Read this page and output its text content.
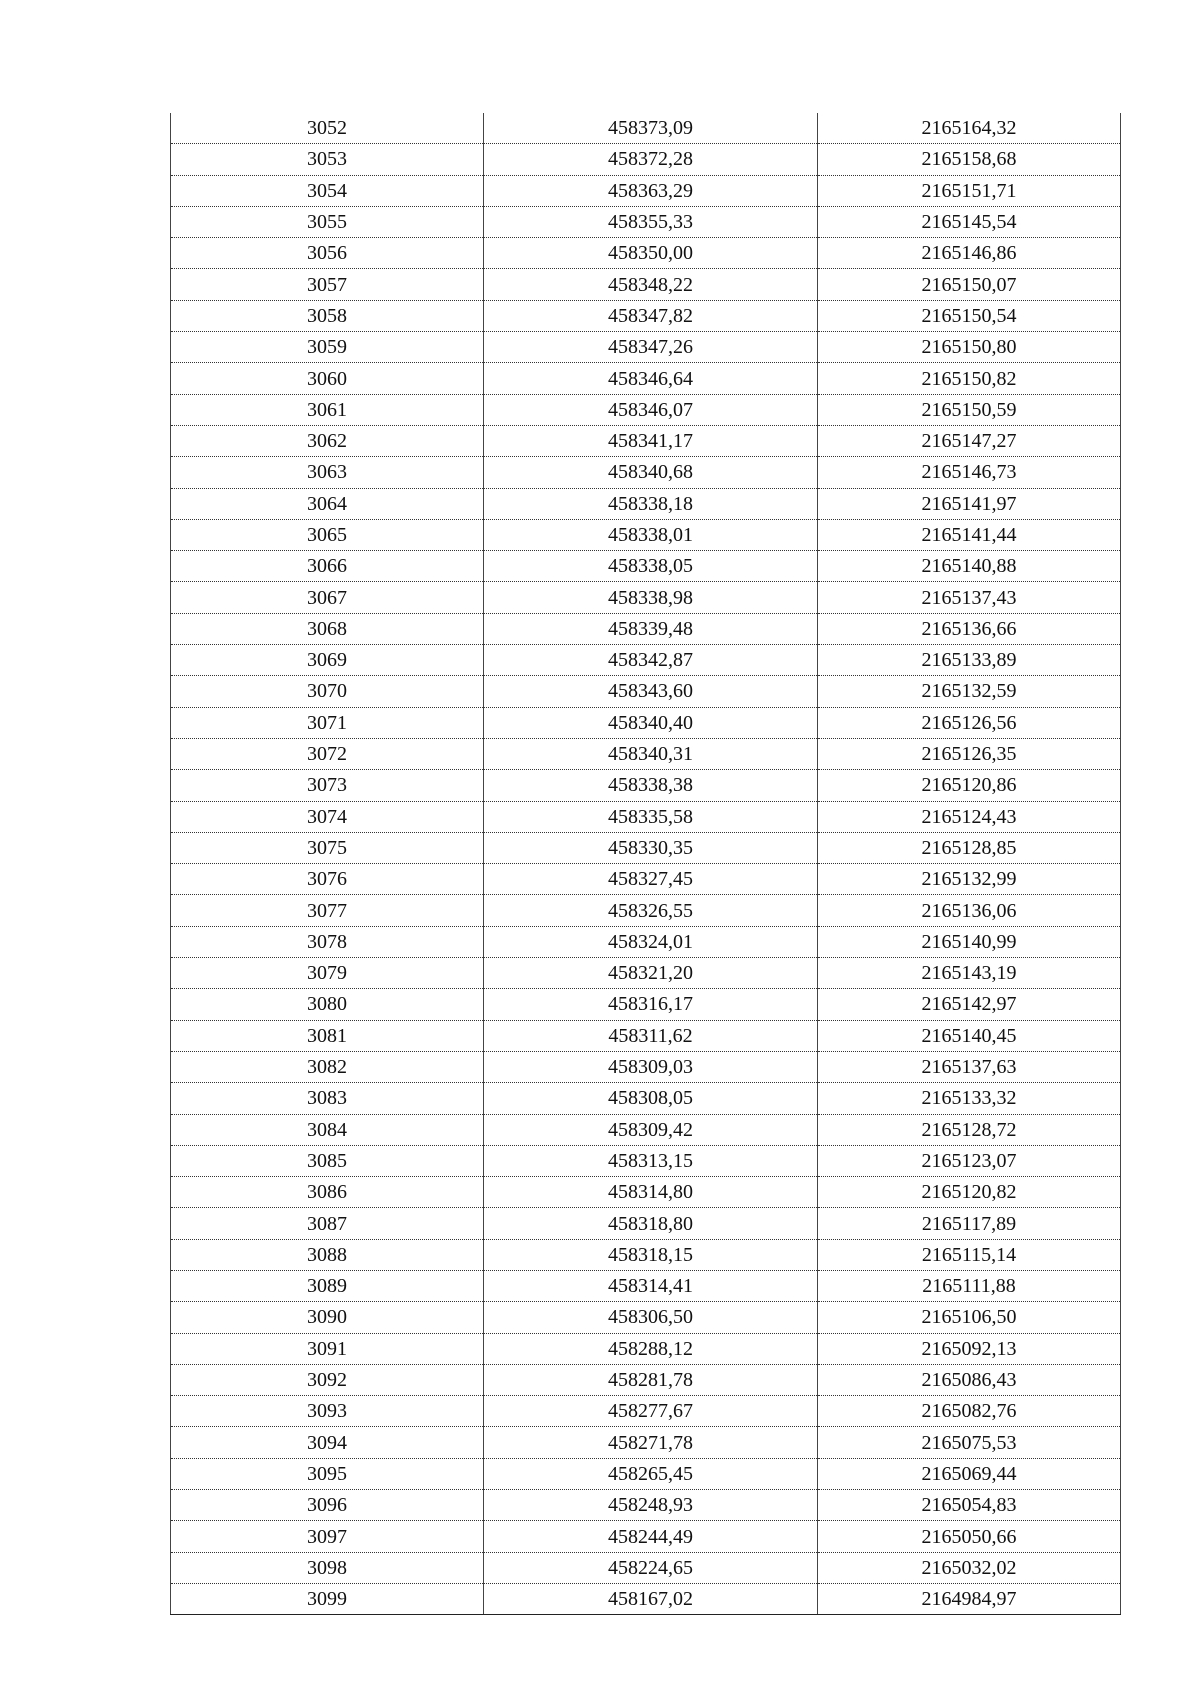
3052	458373,09	2165164,32
3053	458372,28	2165158,68
3054	458363,29	2165151,71
3055	458355,33	2165145,54
3056	458350,00	2165146,86
3057	458348,22	2165150,07
3058	458347,82	2165150,54
3059	458347,26	2165150,80
3060	458346,64	2165150,82
3061	458346,07	2165150,59
3062	458341,17	2165147,27
3063	458340,68	2165146,73
3064	458338,18	2165141,97
3065	458338,01	2165141,44
3066	458338,05	2165140,88
3067	458338,98	2165137,43
3068	458339,48	2165136,66
3069	458342,87	2165133,89
3070	458343,60	2165132,59
3071	458340,40	2165126,56
3072	458340,31	2165126,35
3073	458338,38	2165120,86
3074	458335,58	2165124,43
3075	458330,35	2165128,85
3076	458327,45	2165132,99
3077	458326,55	2165136,06
3078	458324,01	2165140,99
3079	458321,20	2165143,19
3080	458316,17	2165142,97
3081	458311,62	2165140,45
3082	458309,03	2165137,63
3083	458308,05	2165133,32
3084	458309,42	2165128,72
3085	458313,15	2165123,07
3086	458314,80	2165120,82
3087	458318,80	2165117,89
3088	458318,15	2165115,14
3089	458314,41	2165111,88
3090	458306,50	2165106,50
3091	458288,12	2165092,13
3092	458281,78	2165086,43
3093	458277,67	2165082,76
3094	458271,78	2165075,53
3095	458265,45	2165069,44
3096	458248,93	2165054,83
3097	458244,49	2165050,66
3098	458224,65	2165032,02
3099	458167,02	2164984,97
